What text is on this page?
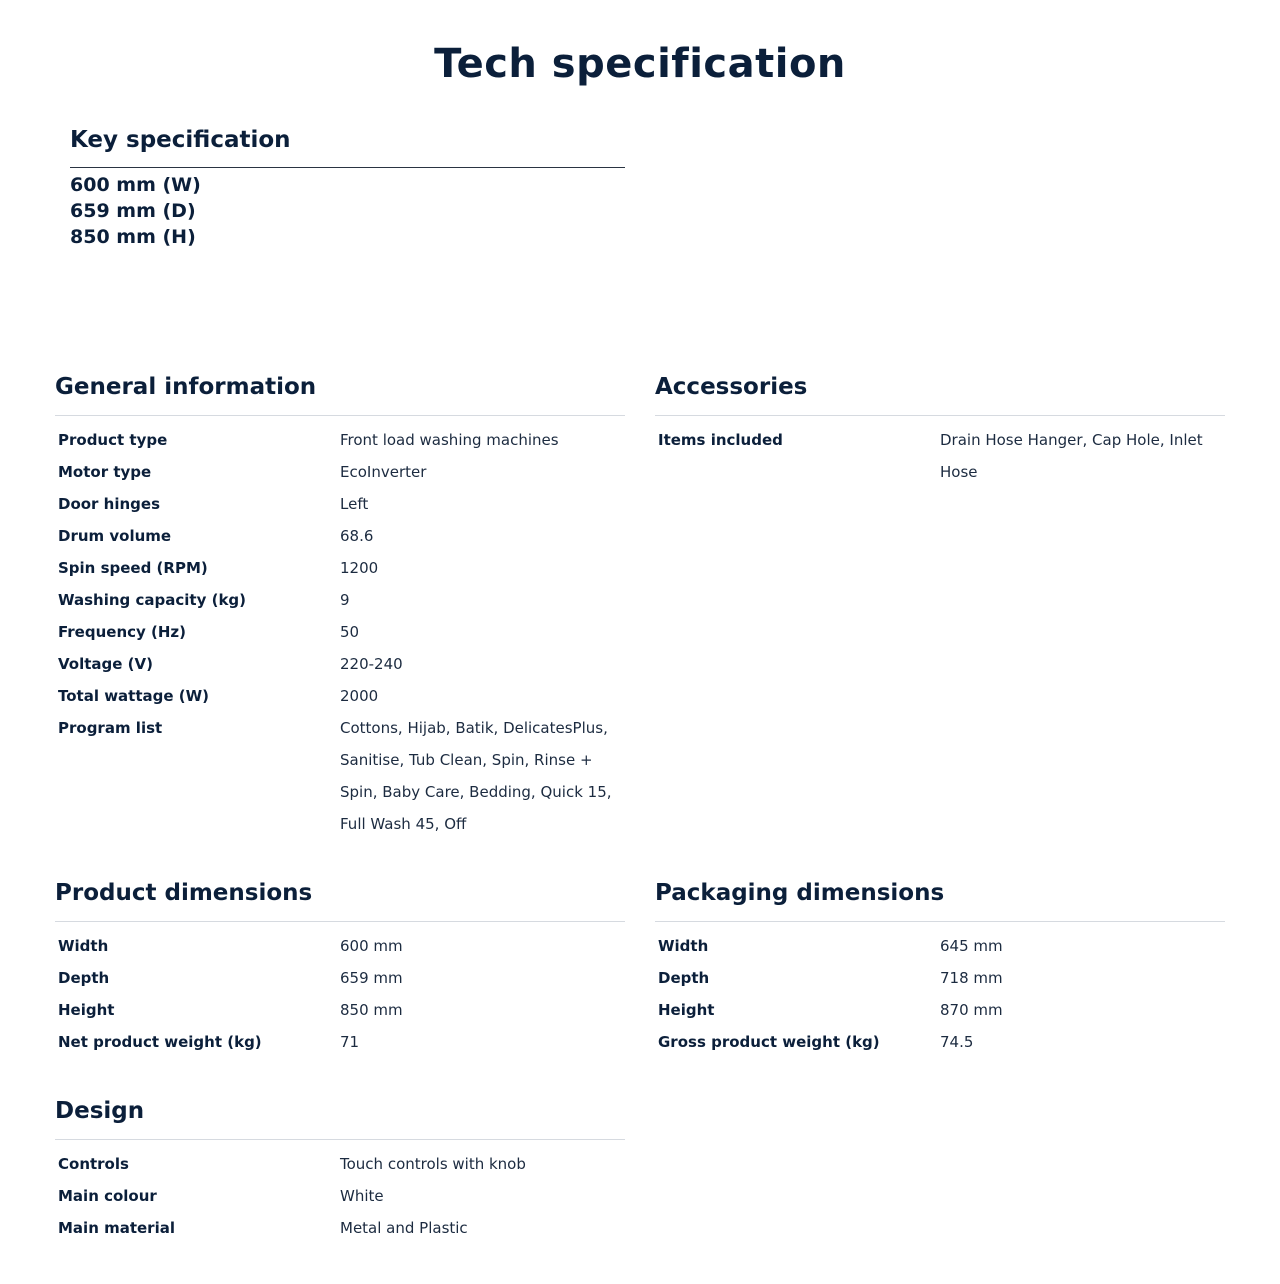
Tech specification
Key specification
600 mm (W)
659 mm (D)
850 mm (H)
General information
Product type	Front load washing machines
Motor type	EcoInverter
Door hinges	Left
Drum volume	68.6
Spin speed (RPM)	1200
Washing capacity (kg)	9
Frequency (Hz)	50
Voltage (V)	220-240
Total wattage (W)	2000
Program list	Cottons, Hijab, Batik, DelicatesPlus, Sanitise, Tub Clean, Spin, Rinse + Spin, Baby Care, Bedding, Quick 15, Full Wash 45, Off
Accessories
Items included	Drain Hose Hanger, Cap Hole, Inlet Hose
Product dimensions
Width	600 mm
Depth	659 mm
Height	850 mm
Net product weight (kg)	71
Packaging dimensions
Width	645 mm
Depth	718 mm
Height	870 mm
Gross product weight (kg)	74.5
Design
Controls	Touch controls with knob
Main colour	White
Main material	Metal and Plastic
